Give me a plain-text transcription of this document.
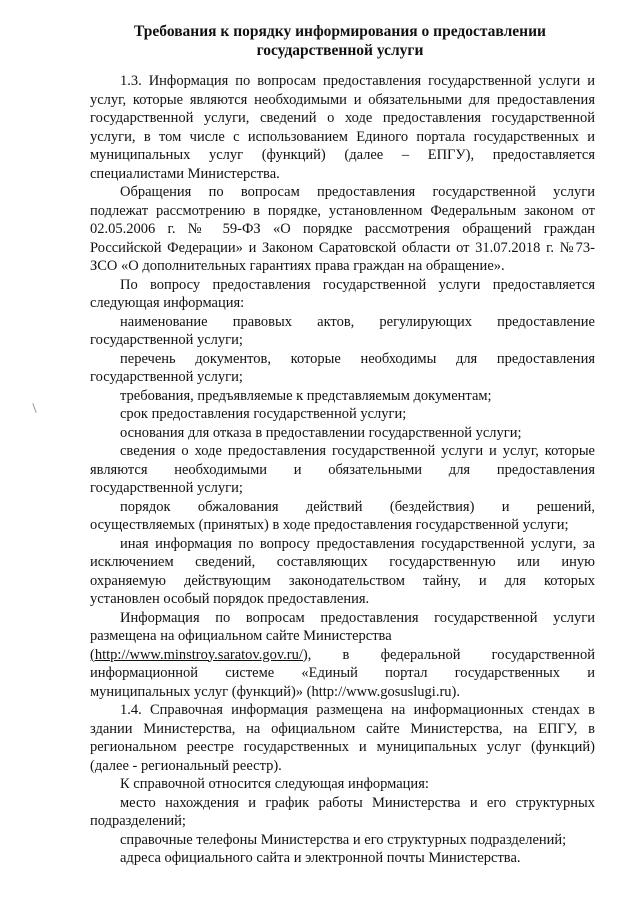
Требования к порядку информирования о предоставлении
государственной услуги
1.3. Информация по вопросам предоставления государственной услуги и
услуг, которые являются необходимыми и обязательными для предоставления
государственной услуги, сведений о ходе предоставления государственной
услуги, в том числе с использованием Единого портала государственных и
муниципальных услуг (функций) (далее – ЕПГУ), предоставляется
специалистами Министерства.
Обращения по вопросам предоставления государственной услуги
подлежат рассмотрению в порядке, установленном Федеральным законом от
02.05.2006 г. № 59-ФЗ «О порядке рассмотрения обращений граждан
Российской Федерации» и Законом Саратовской области от 31.07.2018 г. №73-
ЗСО «О дополнительных гарантиях права граждан на обращение».
По вопросу предоставления государственной услуги предоставляется
следующая информация:
наименование правовых актов, регулирующих предоставление
государственной услуги;
перечень документов, которые необходимы для предоставления
государственной услуги;
требования, предъявляемые к представляемым документам;
срок предоставления государственной услуги;
основания для отказа в предоставлении государственной услуги;
сведения о ходе предоставления государственной услуги и услуг, которые
являются необходимыми и обязательными для предоставления
государственной услуги;
порядок обжалования действий (бездействия) и решений,
осуществляемых (принятых) в ходе предоставления государственной услуги;
иная информация по вопросу предоставления государственной услуги, за
исключением сведений, составляющих государственную или иную
охраняемую действующим законодательством тайну, и для которых
установлен особый порядок предоставления.
Информация по вопросам предоставления государственной услуги
размещена на официальном сайте Министерства
(http://www.minstroy.saratov.gov.ru/), в федеральной государственной
информационной системе «Единый портал государственных и
муниципальных услуг (функций)» (http://www.gosuslugi.ru).
1.4. Справочная информация размещена на информационных стендах в
здании Министерства, на официальном сайте Министерства, на ЕПГУ, в
региональном реестре государственных и муниципальных услуг (функций)
(далее - региональный реестр).
К справочной относится следующая информация:
место нахождения и график работы Министерства и его структурных
подразделений;
справочные телефоны Министерства и его структурных подразделений;
адреса официального сайта и электронной почты Министерства.
